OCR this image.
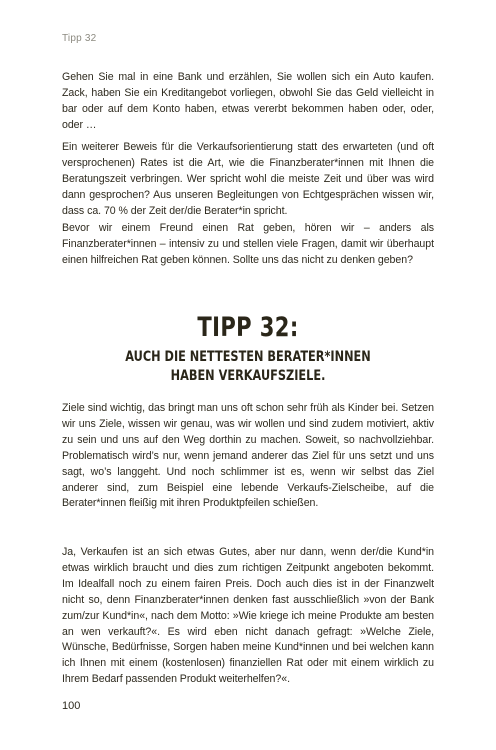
Tipp 32

Gehen Sie mal in eine Bank und erzählen, Sie wollen sich ein Auto kaufen. Zack, haben Sie ein Kreditangebot vorliegen, obwohl Sie das Geld vielleicht in bar oder auf dem Konto haben, etwas vererbt bekommen haben oder, oder, oder …

Ein weiterer Beweis für die Verkaufsorientierung statt des erwarteten (und oft versprochenen) Rates ist die Art, wie die Finanzberater*innen mit Ihnen die Beratungszeit verbringen. Wer spricht wohl die meiste Zeit und über was wird dann gesprochen? Aus unseren Begleitungen von Echtgesprächen wissen wir, dass ca. 70 % der Zeit der/die Berater*in spricht.

Bevor wir einem Freund einen Rat geben, hören wir – anders als Finanzberater*innen – intensiv zu und stellen viele Fragen, damit wir überhaupt einen hilfreichen Rat geben können. Sollte uns das nicht zu denken geben?

TIPP 32:
AUCH DIE NETTESTEN BERATER*INNEN
HABEN VERKAUFSZIELE.

Ziele sind wichtig, das bringt man uns oft schon sehr früh als Kinder bei. Setzen wir uns Ziele, wissen wir genau, was wir wollen und sind zudem motiviert, aktiv zu sein und uns auf den Weg dorthin zu machen. Soweit, so nachvollziehbar. Problematisch wird’s nur, wenn jemand anderer das Ziel für uns setzt und uns sagt, wo’s langgeht. Und noch schlimmer ist es, wenn wir selbst das Ziel anderer sind, zum Beispiel eine lebende Verkaufs-Zielscheibe, auf die Berater*innen fleißig mit ihren Produktpfeilen schießen.

Ja, Verkaufen ist an sich etwas Gutes, aber nur dann, wenn der/die Kund*in etwas wirklich braucht und dies zum richtigen Zeitpunkt angeboten bekommt. Im Idealfall noch zu einem fairen Preis. Doch auch dies ist in der Finanzwelt nicht so, denn Finanzberater*innen denken fast ausschließlich »von der Bank zum/zur Kund*in«, nach dem Motto: »Wie kriege ich meine Produkte am besten an wen verkauft?«. Es wird eben nicht danach gefragt: »Welche Ziele, Wünsche, Bedürfnisse, Sorgen haben meine Kund*innen und bei welchen kann ich Ihnen mit einem (kostenlosen) finanziellen Rat oder mit einem wirklich zu Ihrem Bedarf passenden Produkt weiterhelfen?«.

100
